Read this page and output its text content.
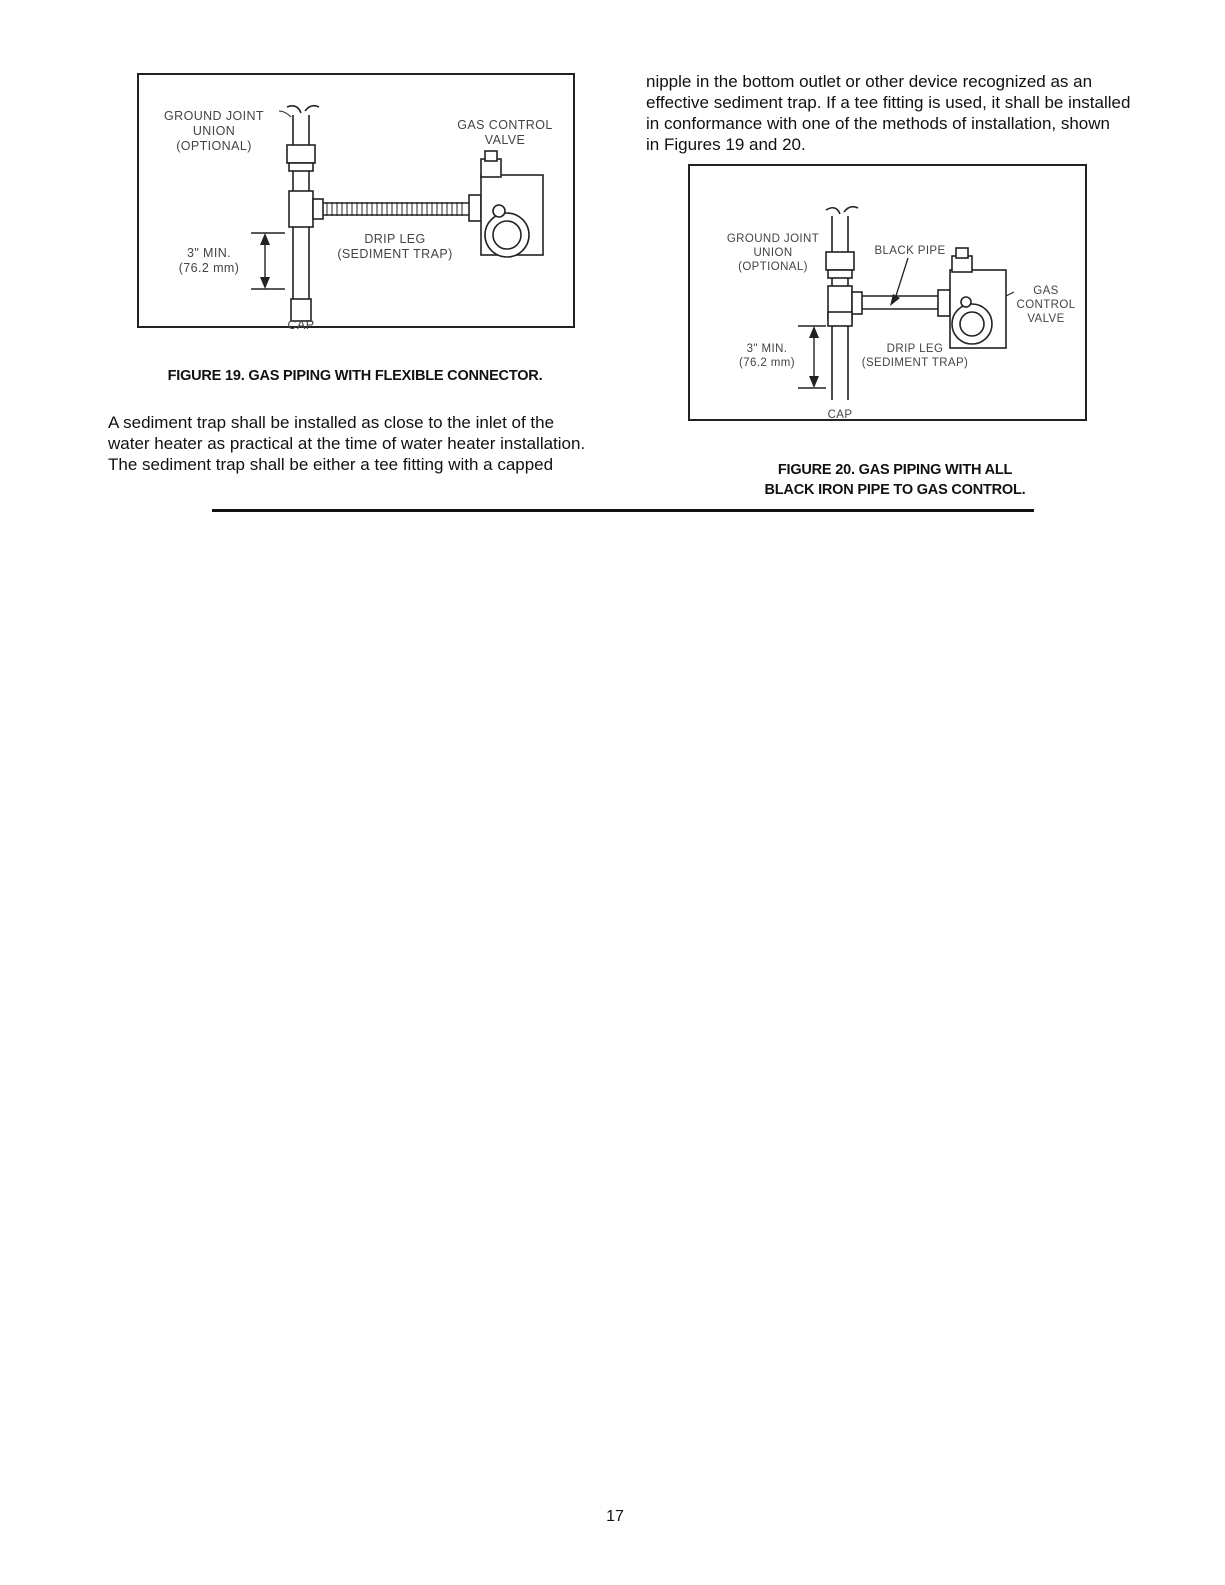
GROUND JOINT
UNION
(OPTIONAL)
GAS CONTROL
VALVE
3" MIN.
(76.2 mm)
DRIP LEG
(SEDIMENT TRAP)
CAP
FIGURE 19. GAS PIPING WITH FLEXIBLE CONNECTOR.
A sediment trap shall be installed as close to the inlet of the
water heater as practical at the time of water heater installation.
The sediment trap shall be either a tee fitting with a capped
nipple in the bottom outlet or other device recognized as an
effective sediment trap. If a tee fitting is used, it shall be installed
in conformance with one of the methods of installation, shown
in Figures 19 and 20.
GROUND JOINT
UNION
(OPTIONAL)
BLACK PIPE
GAS
CONTROL
VALVE
3" MIN.
(76.2 mm)
DRIP LEG
(SEDIMENT TRAP)
CAP
FIGURE 20. GAS PIPING WITH ALL
BLACK IRON PIPE TO GAS CONTROL.
17
